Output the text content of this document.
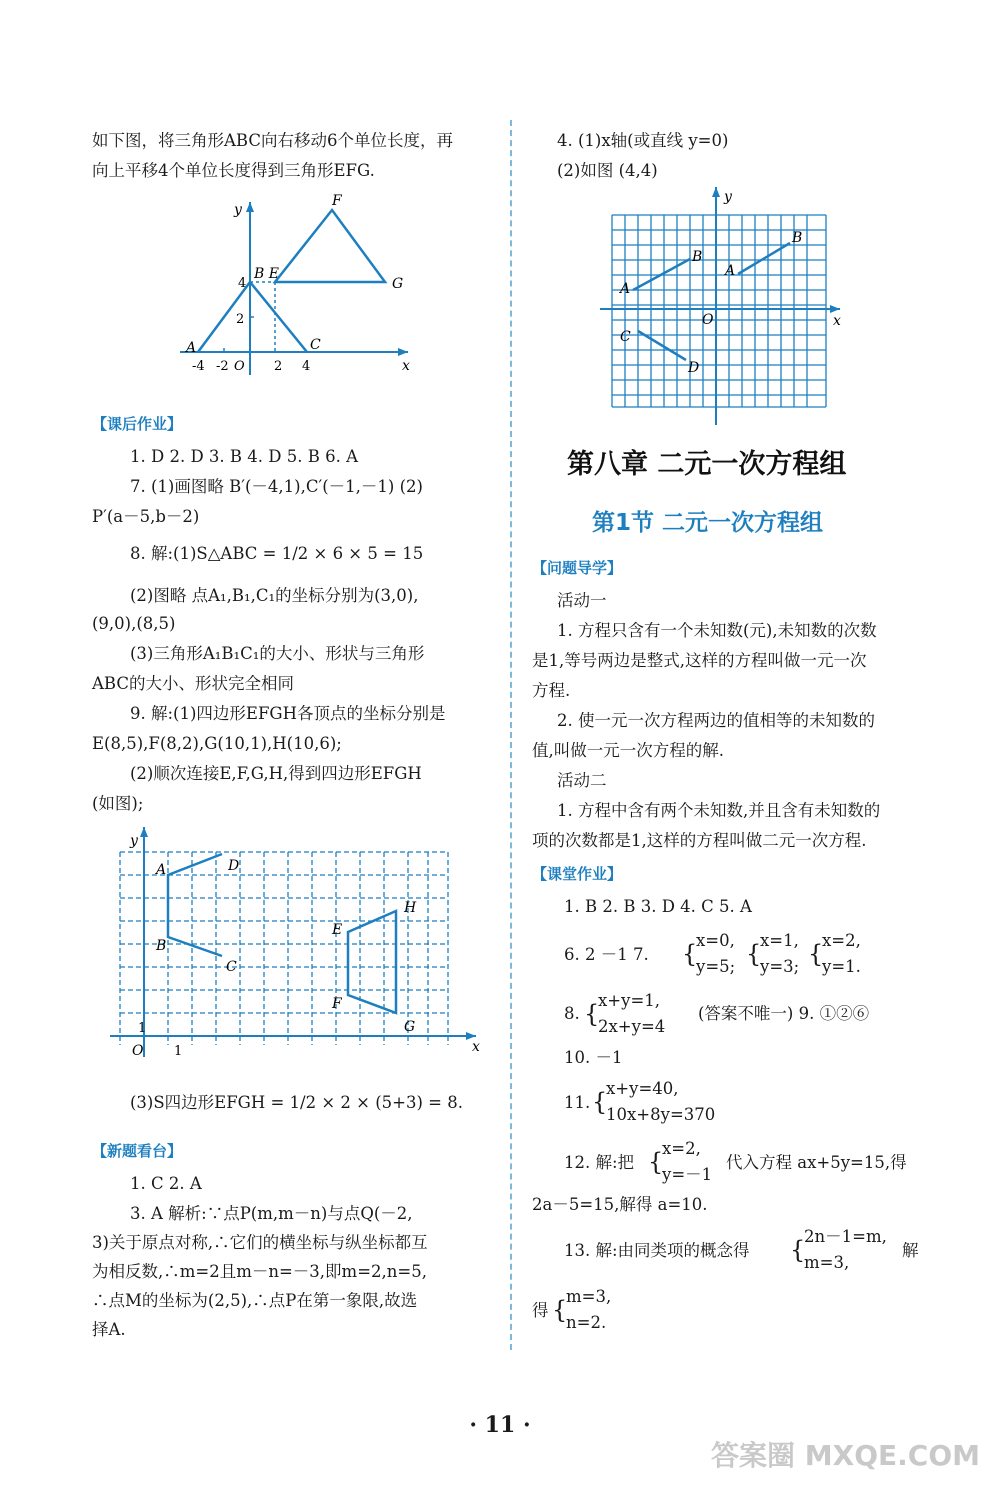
如下图，将三角形ABC向右移动6个单位长度，再
向上平移4个单位长度得到三角形EFG.
y
x
F
B E
G
A	C
4
2
-4 -2 O 2 4
【课后作业】
1. D 2. D 3. B 4. D 5. B 6. A
7. (1)画图略 B′(－4,1),C′(－1,－1) (2)
P′(a－5,b－2)
8. 解:(1)S△ABC = 1/2 × 6 × 5 = 15
(2)图略 点A₁,B₁,C₁的坐标分别为(3,0),
(9,0),(8,5)
(3)三角形A₁B₁C₁的大小、形状与三角形
ABC的大小、形状完全相同
9. 解:(1)四边形EFGH各顶点的坐标分别是
E(8,5),F(8,2),G(10,1),H(10,6);
(2)顺次连接E,F,G,H,得到四边形EFGH
(如图);
y
x
A	D
B
C
E
H
F
G
O 1
1
(3)S四边形EFGH = 1/2 × 2 × (5+3) = 8.
【新题看台】
1. C 2. A
3. A 解析:∵点P(m,m－n)与点Q(－2,
3)关于原点对称,∴它们的横坐标与纵坐标都互
为相反数,∴m=2且m－n=－3,即m=2,n=5,
∴点M的坐标为(2,5),∴点P在第一象限,故选
择A.
4. (1)x轴(或直线 y=0)
(2)如图 (4,4)
y
x
A
B
A
B
C
D
O
第八章 二元一次方程组
第1节 二元一次方程组
【问题导学】
活动一
1. 方程只含有一个未知数(元),未知数的次数
是1,等号两边是整式,这样的方程叫做一元一次
方程.
2. 使一元一次方程两边的值相等的未知数的
值,叫做一元一次方程的解.
活动二
1. 方程中含有两个未知数,并且含有未知数的
项的次数都是1,这样的方程叫做二元一次方程.
【课堂作业】
1. B 2. B 3. D 4. C 5. A
6. 2 －1 7. {
x=0,
y=5; {
x=1,
y=3; {
x=2,
y=1.
8. {
x+y=1,
2x+y=4
(答案不唯一) 9. ①②⑥
10. －1
11. {
x+y=40,
10x+8y=370
12. 解:把 {
x=2,
y=－1
代入方程 ax+5y=15,得
2a－5=15,解得 a=10.
13. 解:由同类项的概念得 {
2n－1=m,
m=3,
解
得 {
m=3,
n=2.
· 11 ·
答案圈 MXQE.COM
